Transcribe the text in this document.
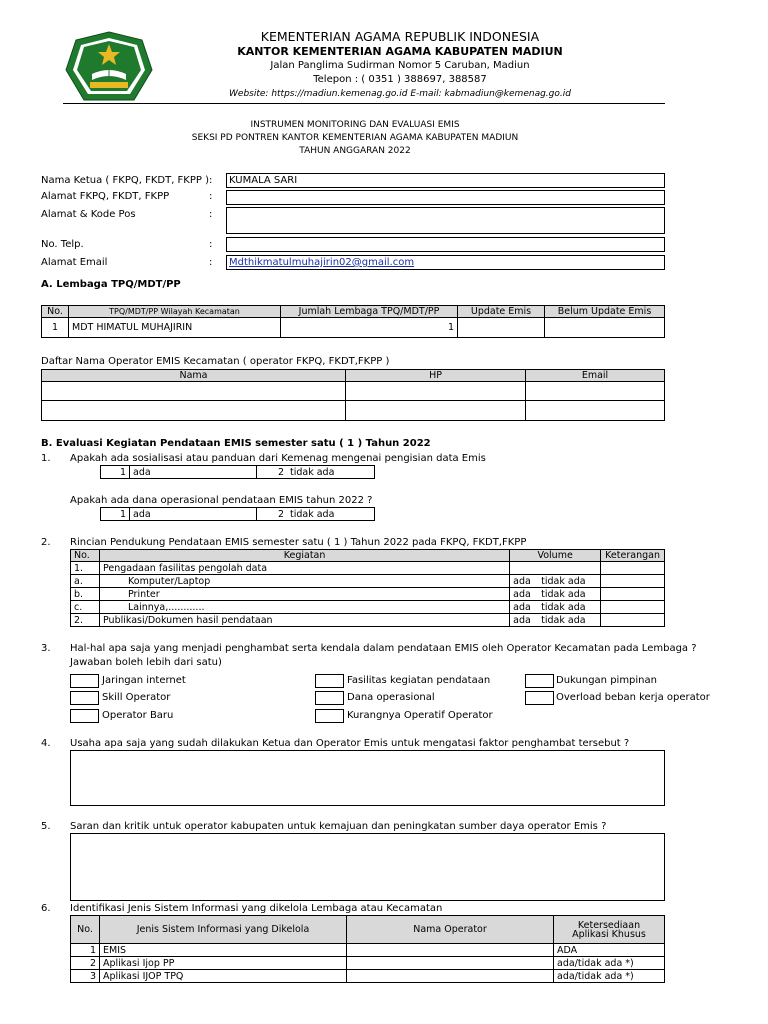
KEMENTERIAN AGAMA REPUBLIK INDONESIA
KANTOR KEMENTERIAN AGAMA KABUPATEN MADIUN
Jalan Panglima Sudirman Nomor 5 Caruban, Madiun
Telepon : ( 0351 ) 388697, 388587
Website: https://madiun.kemenag.go.id E-mail: kabmadiun@kemenag.go.id
INSTRUMEN MONITORING DAN EVALUASI EMIS
SEKSI PD PONTREN KANTOR KEMENTERIAN AGAMA KABUPATEN MADIUN
TAHUN ANGGARAN 2022
Nama Ketua ( FKPQ, FKDT, FKPP ):	KUMALA SARI
Alamat FKPQ, FKDT, FKPP	:
Alamat & Kode Pos	:
No. Telp.	:
Alamat Email	:	Mdthikmatulmuhajirin02@gmail.com
A. Lembaga TPQ/MDT/PP
No.	TPQ/MDT/PP Wilayah Kecamatan	Jumlah Lembaga TPQ/MDT/PP	Update Emis	Belum Update Emis
1	MDT HIMATUL MUHAJIRIN	1		
Daftar Nama Operator EMIS Kecamatan ( operator FKPQ, FKDT,FKPP )
Nama	HP	Email

B. Evaluasi Kegiatan Pendataan EMIS semester satu ( 1 ) Tahun 2022
1. Apakah ada sosialisasi atau panduan dari Kemenag mengenai pengisian data Emis
1	ada	2	tidak ada
Apakah ada dana operasional pendataan EMIS tahun 2022 ?
1	ada	2	tidak ada
2. Rincian Pendukung Pendataan EMIS semester satu ( 1 ) Tahun 2022 pada FKPQ, FKDT,FKPP
No.	Kegiatan	Volume		Keterangan
1.	Pengadaan fasilitas pengolah data			
a.	Komputer/Laptop	ada	tidak ada	
b.	Printer	ada	tidak ada	
c.	Lainnya,............	ada	tidak ada	
2.	Publikasi/Dokumen hasil pendataan	ada	tidak ada	
3. Hal-hal apa saja yang menjadi penghambat serta kendala dalam pendataan EMIS oleh Operator Kecamatan pada Lembaga ?
Jawaban boleh lebih dari satu)
Jaringan internet	Fasilitas kegiatan pendataan	Dukungan pimpinan
Skill Operator	Dana operasional	Overload beban kerja operator
Operator Baru	Kurangnya Operatif Operator
4. Usaha apa saja yang sudah dilakukan Ketua dan Operator Emis untuk mengatasi faktor penghambat tersebut ?
5. Saran dan kritik untuk operator kabupaten untuk kemajuan dan peningkatan sumber daya operator Emis ?
6. Identifikasi Jenis Sistem Informasi yang dikelola Lembaga atau Kecamatan
No.	Jenis Sistem Informasi yang Dikelola	Nama Operator	Ketersediaan Aplikasi Khusus
1	EMIS		ADA
2	Aplikasi Ijop PP		ada/tidak ada *)
3	Aplikasi IJOP TPQ		ada/tidak ada *)
